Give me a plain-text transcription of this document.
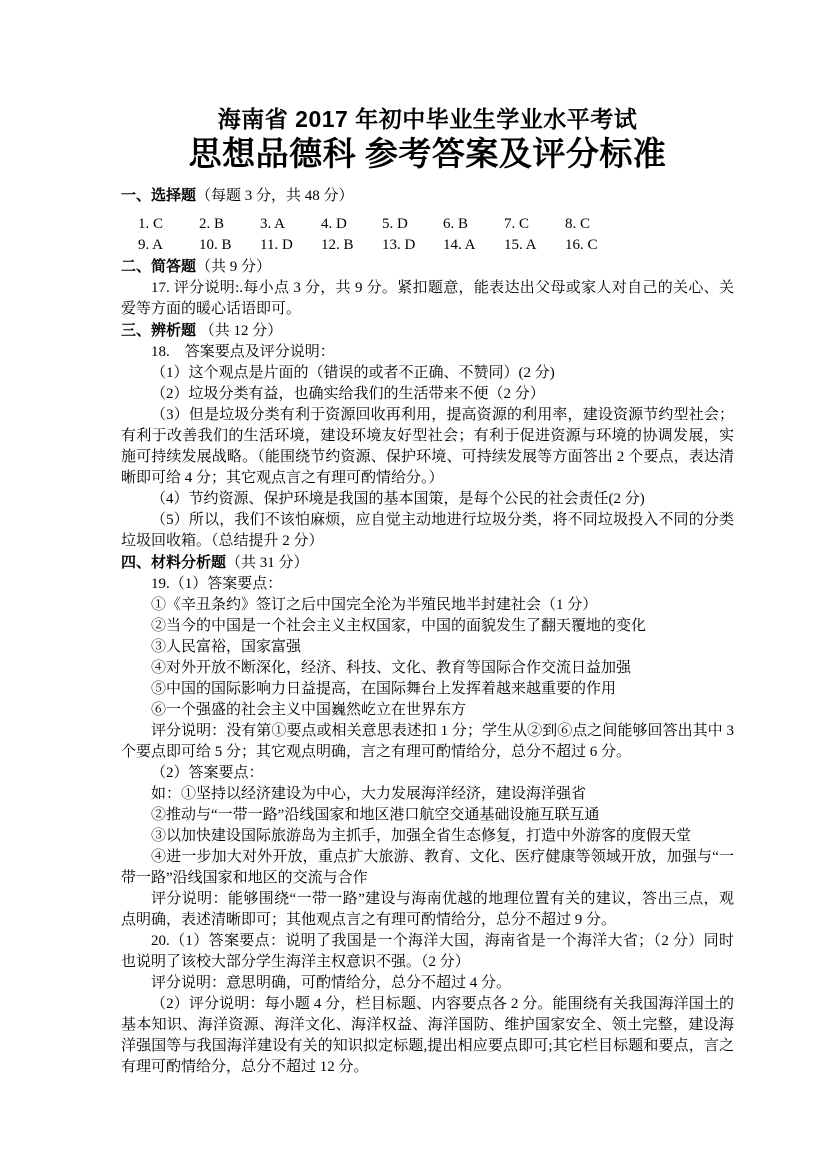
海南省 2017 年初中毕业生学业水平考试
思想品德科 参考答案及评分标准

一、选择题（每题 3 分，共 48 分）

1. C	2. B	3. A	4. D	5. D	6. B	7. C	8. C
9. A	10. B	11. D	12. B	13. D	14. A	15. A	16. C

二、简答题（共 9 分）

17. 评分说明:.每小点 3 分，共 9 分。紧扣题意，能表达出父母或家人对自己的关心、关爱等方面的暖心话语即可。

三、辨析题 （共 12 分）

18.　答案要点及评分说明：

（1）这个观点是片面的（错误的或者不正确、不赞同）(2 分)

（2）垃圾分类有益，也确实给我们的生活带来不便（2 分）

（3）但是垃圾分类有利于资源回收再利用，提高资源的利用率，建设资源节约型社会；有利于改善我们的生活环境，建设环境友好型社会；有利于促进资源与环境的协调发展，实施可持续发展战略。（能围绕节约资源、保护环境、可持续发展等方面答出 2 个要点，表达清晰即可给 4 分；其它观点言之有理可酌情给分。）

（4）节约资源、保护环境是我国的基本国策，是每个公民的社会责任(2 分)

（5）所以，我们不该怕麻烦，应自觉主动地进行垃圾分类，将不同垃圾投入不同的分类垃圾回收箱。（总结提升 2 分）

四、材料分析题（共 31 分）

19.（1）答案要点：

①《辛丑条约》签订之后中国完全沦为半殖民地半封建社会（1 分）

②当今的中国是一个社会主义主权国家，中国的面貌发生了翻天覆地的变化

③人民富裕，国家富强

④对外开放不断深化，经济、科技、文化、教育等国际合作交流日益加强

⑤中国的国际影响力日益提高，在国际舞台上发挥着越来越重要的作用

⑥一个强盛的社会主义中国巍然屹立在世界东方

评分说明：没有第①要点或相关意思表述扣 1 分；学生从②到⑥点之间能够回答出其中 3 个要点即可给 5 分；其它观点明确，言之有理可酌情给分，总分不超过 6 分。

（2）答案要点：

如：①坚持以经济建设为中心，大力发展海洋经济，建设海洋强省

②推动与“一带一路”沿线国家和地区港口航空交通基础设施互联互通

③以加快建设国际旅游岛为主抓手，加强全省生态修复，打造中外游客的度假天堂

④进一步加大对外开放，重点扩大旅游、教育、文化、医疗健康等领域开放，加强与“一带一路”沿线国家和地区的交流与合作

评分说明：能够围绕“一带一路”建设与海南优越的地理位置有关的建议，答出三点，观点明确，表述清晰即可；其他观点言之有理可酌情给分，总分不超过 9 分。

20.（1）答案要点：说明了我国是一个海洋大国，海南省是一个海洋大省；（2 分）同时也说明了该校大部分学生海洋主权意识不强。（2 分）

评分说明：意思明确，可酌情给分，总分不超过 4 分。

（2）评分说明：每小题 4 分，栏目标题、内容要点各 2 分。能围绕有关我国海洋国土的基本知识、海洋资源、海洋文化、海洋权益、海洋国防、维护国家安全、领土完整，建设海洋强国等与我国海洋建设有关的知识拟定标题,提出相应要点即可;其它栏目标题和要点，言之有理可酌情给分，总分不超过 12 分。
